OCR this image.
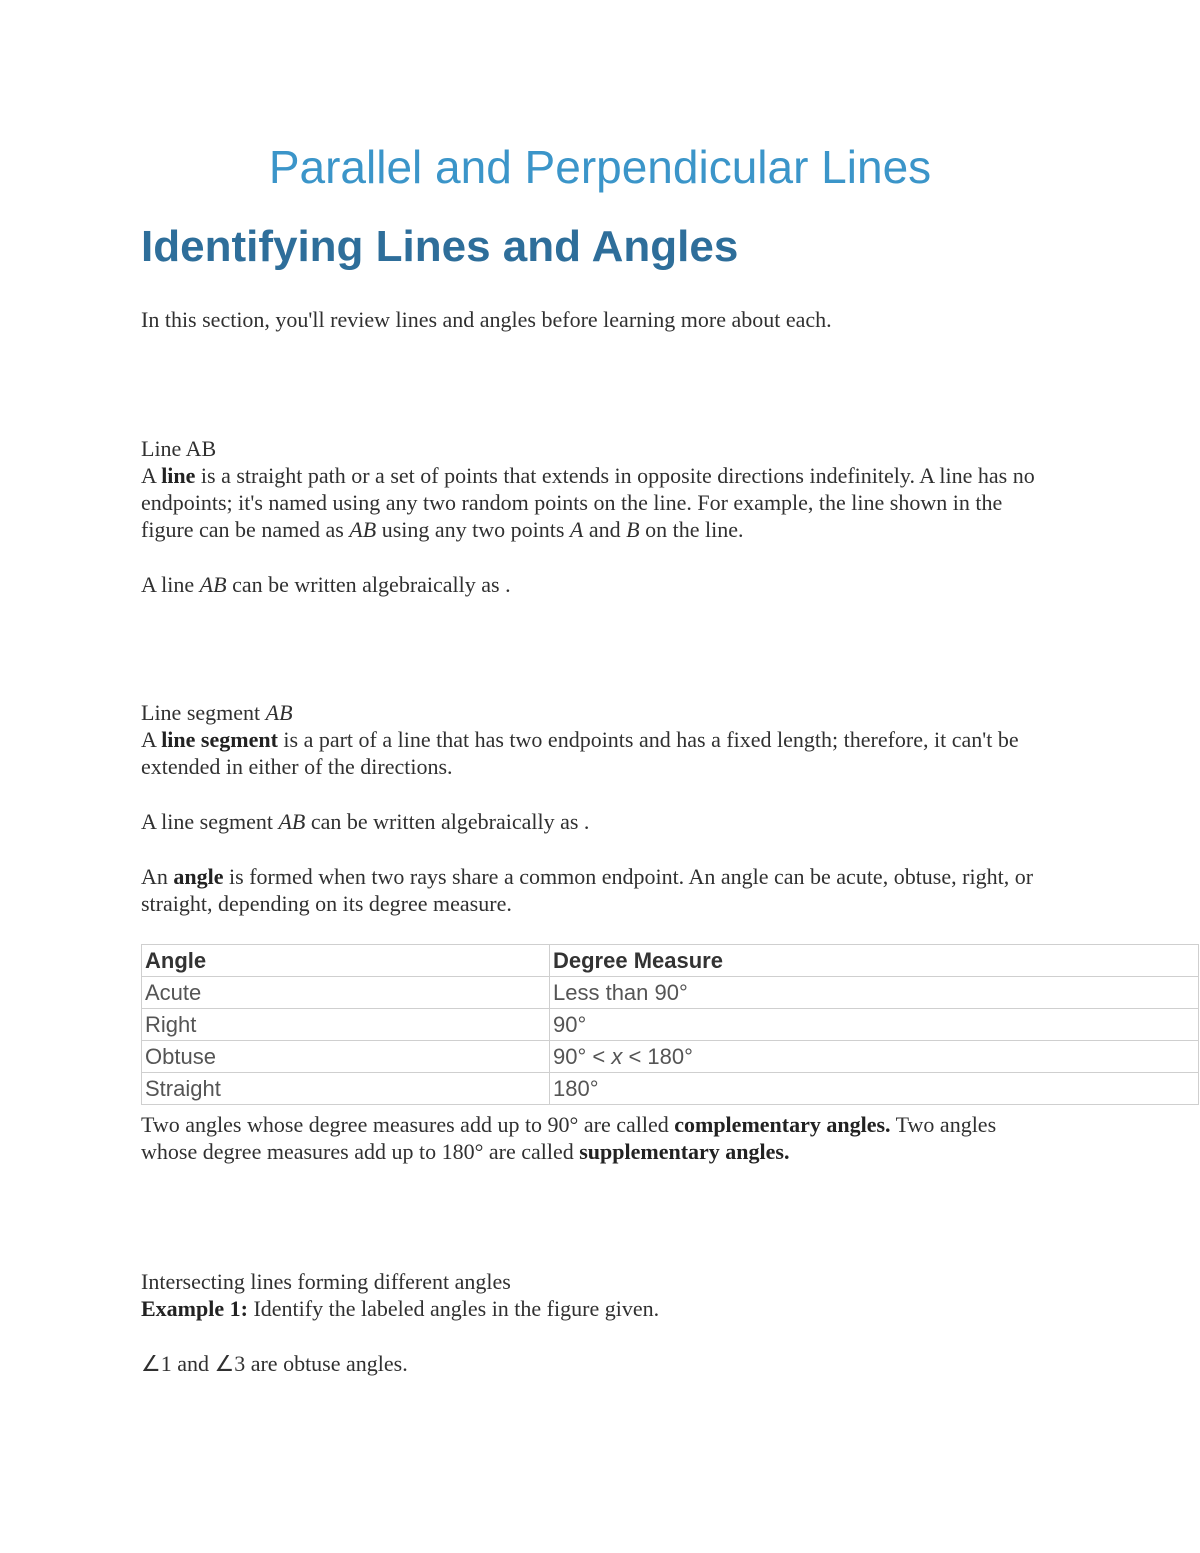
Parallel and Perpendicular Lines
Identifying Lines and Angles

In this section, you'll review lines and angles before learning more about each.

Line AB

A line is a straight path or a set of points that extends in opposite directions indefinitely. A line has no endpoints; it's named using any two random points on the line. For example, the line shown in the figure can be named as AB using any two points A and B on the line.

A line AB can be written algebraically as .

Line segment AB

A line segment is a part of a line that has two endpoints and has a fixed length; therefore, it can't be extended in either of the directions.

A line segment AB can be written algebraically as .

An angle is formed when two rays share a common endpoint. An angle can be acute, obtuse, right, or straight, depending on its degree measure.

Angle	Degree Measure
Acute	Less than 90°
Right	90°
Obtuse	90° < x < 180°
Straight	180°

Two angles whose degree measures add up to 90° are called complementary angles. Two angles whose degree measures add up to 180° are called supplementary angles.

Intersecting lines forming different angles

Example 1: Identify the labeled angles in the figure given.

∠1 and ∠3 are obtuse angles.
